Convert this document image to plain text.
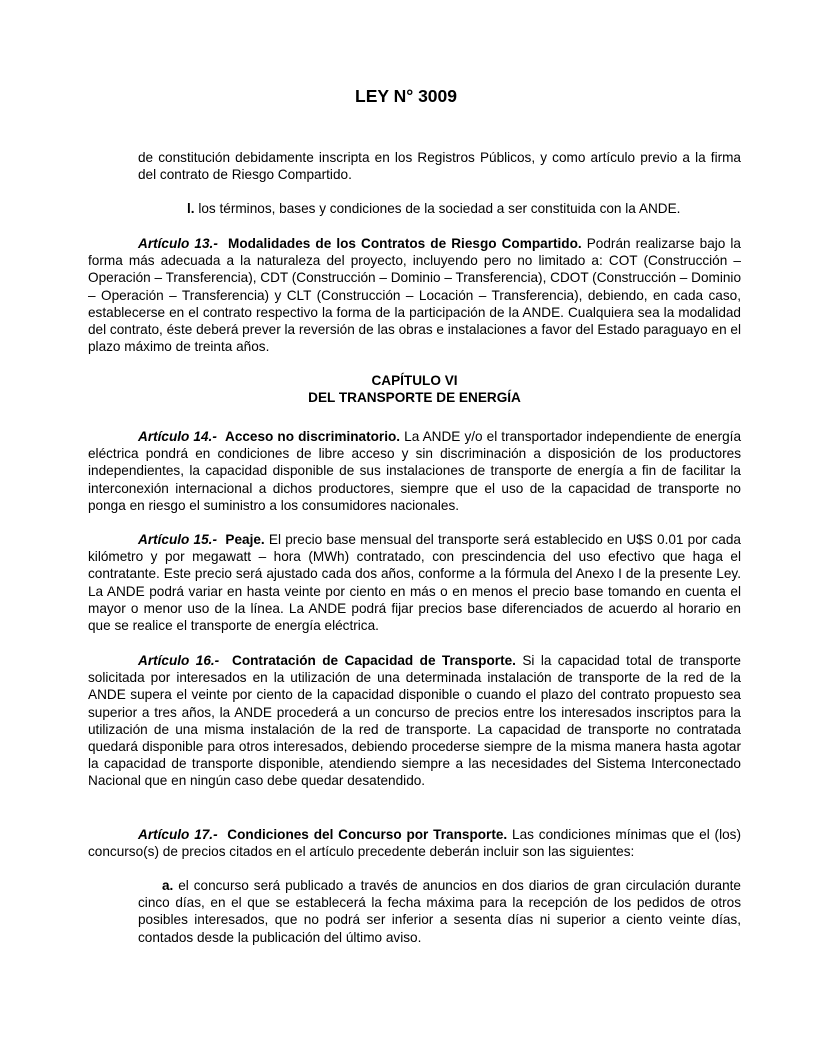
LEY N° 3009

de constitución debidamente inscripta en los Registros Públicos, y como artículo previo a la firma del contrato de Riesgo Compartido.

l. los términos, bases y condiciones de la sociedad a ser constituida con la ANDE.

Artículo 13.- Modalidades de los Contratos de Riesgo Compartido. Podrán realizarse bajo la forma más adecuada a la naturaleza del proyecto, incluyendo pero no limitado a: COT (Construcción – Operación – Transferencia), CDT (Construcción – Dominio – Transferencia), CDOT (Construcción – Dominio – Operación – Transferencia) y CLT (Construcción – Locación – Transferencia), debiendo, en cada caso, establecerse en el contrato respectivo la forma de la participación de la ANDE. Cualquiera sea la modalidad del contrato, éste deberá prever la reversión de las obras e instalaciones a favor del Estado paraguayo en el plazo máximo de treinta años.

CAPÍTULO VI
DEL TRANSPORTE DE ENERGÍA

Artículo 14.- Acceso no discriminatorio. La ANDE y/o el transportador independiente de energía eléctrica pondrá en condiciones de libre acceso y sin discriminación a disposición de los productores independientes, la capacidad disponible de sus instalaciones de transporte de energía a fin de facilitar la interconexión internacional a dichos productores, siempre que el uso de la capacidad de transporte no ponga en riesgo el suministro a los consumidores nacionales.

Artículo 15.- Peaje. El precio base mensual del transporte será establecido en U$S 0.01 por cada kilómetro y por megawatt – hora (MWh) contratado, con prescindencia del uso efectivo que haga el contratante. Este precio será ajustado cada dos años, conforme a la fórmula del Anexo I de la presente Ley. La ANDE podrá variar en hasta veinte por ciento en más o en menos el precio base tomando en cuenta el mayor o menor uso de la línea. La ANDE podrá fijar precios base diferenciados de acuerdo al horario en que se realice el transporte de energía eléctrica.

Artículo 16.- Contratación de Capacidad de Transporte. Si la capacidad total de transporte solicitada por interesados en la utilización de una determinada instalación de transporte de la red de la ANDE supera el veinte por ciento de la capacidad disponible o cuando el plazo del contrato propuesto sea superior a tres años, la ANDE procederá a un concurso de precios entre los interesados inscriptos para la utilización de una misma instalación de la red de transporte. La capacidad de transporte no contratada quedará disponible para otros interesados, debiendo procederse siempre de la misma manera hasta agotar la capacidad de transporte disponible, atendiendo siempre a las necesidades del Sistema Interconectado Nacional que en ningún caso debe quedar desatendido.

Artículo 17.- Condiciones del Concurso por Transporte. Las condiciones mínimas que el (los) concurso(s) de precios citados en el artículo precedente deberán incluir son las siguientes:

a. el concurso será publicado a través de anuncios en dos diarios de gran circulación durante cinco días, en el que se establecerá la fecha máxima para la recepción de los pedidos de otros posibles interesados, que no podrá ser inferior a sesenta días ni superior a ciento veinte días, contados desde la publicación del último aviso.
